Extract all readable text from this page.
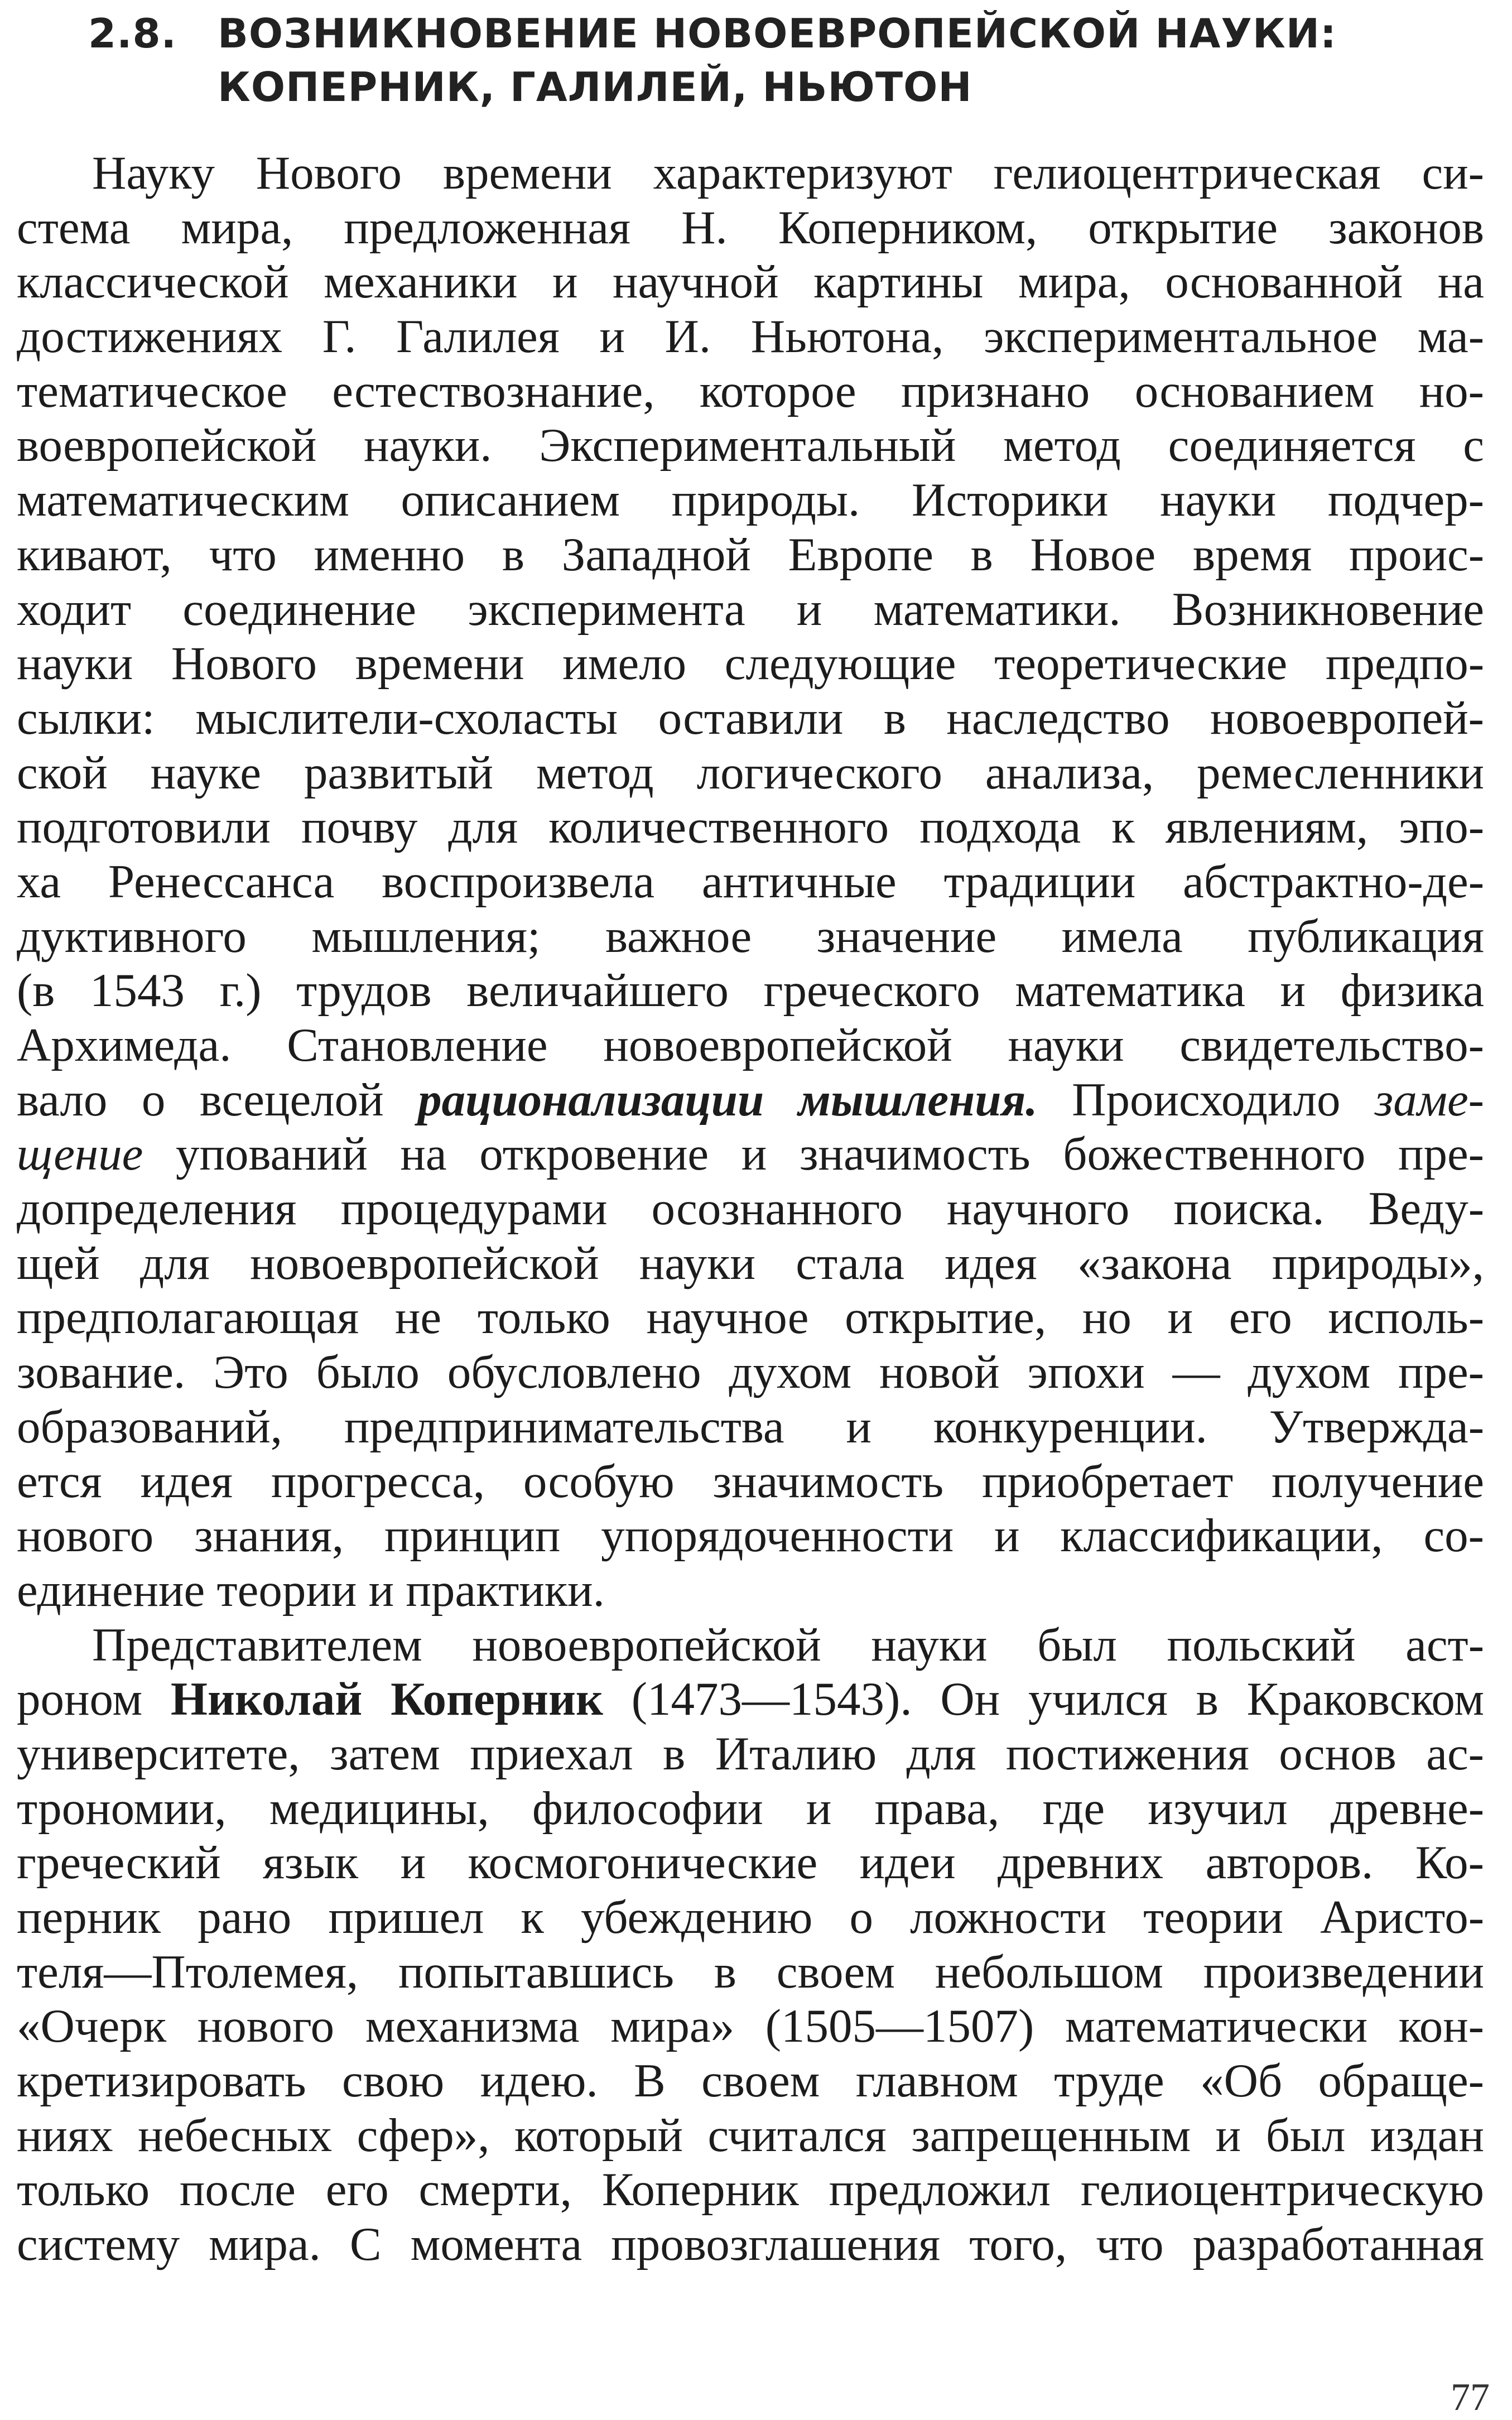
2.8. ВОЗНИКНОВЕНИЕ НОВОЕВРОПЕЙСКОЙ НАУКИ:
КОПЕРНИК, ГАЛИЛЕЙ, НЬЮТОН
Науку Нового времени характеризуют гелиоцентрическая си-
стема мира, предложенная Н. Коперником, открытие законов
классической механики и научной картины мира, основанной на
достижениях Г. Галилея и И. Ньютона, экспериментальное ма-
тематическое естествознание, которое признано основанием но-
воевропейской науки. Экспериментальный метод соединяется с
математическим описанием природы. Историки науки подчер-
кивают, что именно в Западной Европе в Новое время проис-
ходит соединение эксперимента и математики. Возникновение
науки Нового времени имело следующие теоретические предпо-
сылки: мыслители-схоласты оставили в наследство новоевропей-
ской науке развитый метод логического анализа, ремесленники
подготовили почву для количественного подхода к явлениям, эпо-
ха Ренессанса воспроизвела античные традиции абстрактно-де-
дуктивного мышления; важное значение имела публикация
(в 1543 г.) трудов величайшего греческого математика и физика
Архимеда. Становление новоевропейской науки свидетельство-
вало о всецелой рационализации мышления. Происходило заме-
щение упований на откровение и значимость божественного пре-
допределения процедурами осознанного научного поиска. Веду-
щей для новоевропейской науки стала идея «закона природы»,
предполагающая не только научное открытие, но и его исполь-
зование. Это было обусловлено духом новой эпохи — духом пре-
образований, предпринимательства и конкуренции. Утвержда-
ется идея прогресса, особую значимость приобретает получение
нового знания, принцип упорядоченности и классификации, со-
единение теории и практики.
Представителем новоевропейской науки был польский аст-
роном Николай Коперник (1473—1543). Он учился в Краковском
университете, затем приехал в Италию для постижения основ ас-
трономии, медицины, философии и права, где изучил древне-
греческий язык и космогонические идеи древних авторов. Ко-
перник рано пришел к убеждению о ложности теории Аристо-
теля—Птолемея, попытавшись в своем небольшом произведении
«Очерк нового механизма мира» (1505—1507) математически кон-
кретизировать свою идею. В своем главном труде «Об обраще-
ниях небесных сфер», который считался запрещенным и был издан
только после его смерти, Коперник предложил гелиоцентрическую
систему мира. С момента провозглашения того, что разработанная
77
